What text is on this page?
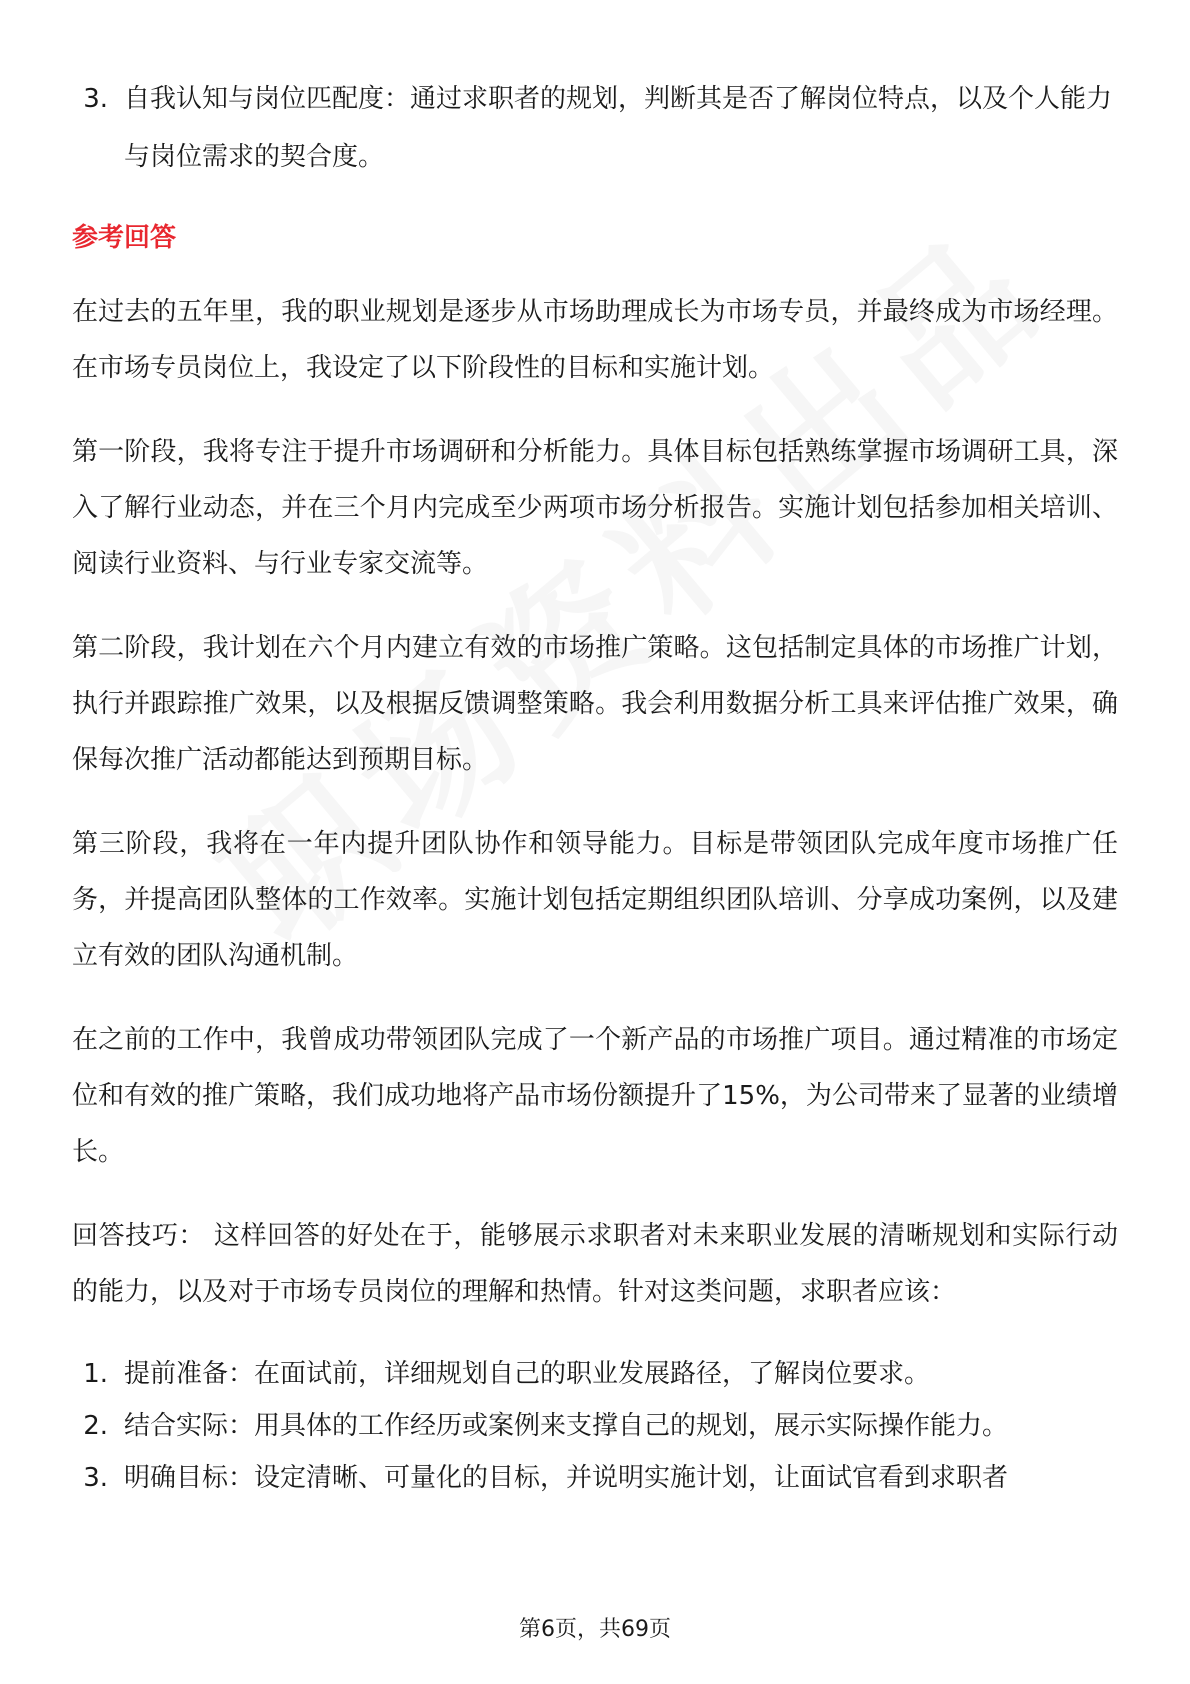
3. 自我认知与岗位匹配度：通过求职者的规划，判断其是否了解岗位特点，以及个人能力与岗位需求的契合度。
参考回答

在过去的五年里，我的职业规划是逐步从市场助理成长为市场专员，并最终成为市场经理。在市场专员岗位上，我设定了以下阶段性的目标和实施计划。

第一阶段，我将专注于提升市场调研和分析能力。具体目标包括熟练掌握市场调研工具，深入了解行业动态，并在三个月内完成至少两项市场分析报告。实施计划包括参加相关培训、阅读行业资料、与行业专家交流等。

第二阶段，我计划在六个月内建立有效的市场推广策略。这包括制定具体的市场推广计划，执行并跟踪推广效果，以及根据反馈调整策略。我会利用数据分析工具来评估推广效果，确保每次推广活动都能达到预期目标。

第三阶段，我将在一年内提升团队协作和领导能力。目标是带领团队完成年度市场推广任务，并提高团队整体的工作效率。实施计划包括定期组织团队培训、分享成功案例，以及建立有效的团队沟通机制。

在之前的工作中，我曾成功带领团队完成了一个新产品的市场推广项目。通过精准的市场定位和有效的推广策略，我们成功地将产品市场份额提升了15%，为公司带来了显著的业绩增长。

回答技巧： 这样回答的好处在于，能够展示求职者对未来职业发展的清晰规划和实际行动的能力，以及对于市场专员岗位的理解和热情。针对这类问题，求职者应该：

1. 提前准备：在面试前，详细规划自己的职业发展路径，了解岗位要求。
2. 结合实际：用具体的工作经历或案例来支撑自己的规划，展示实际操作能力。
3. 明确目标：设定清晰、可量化的目标，并说明实施计划，让面试官看到求职者
第6页，共69页
